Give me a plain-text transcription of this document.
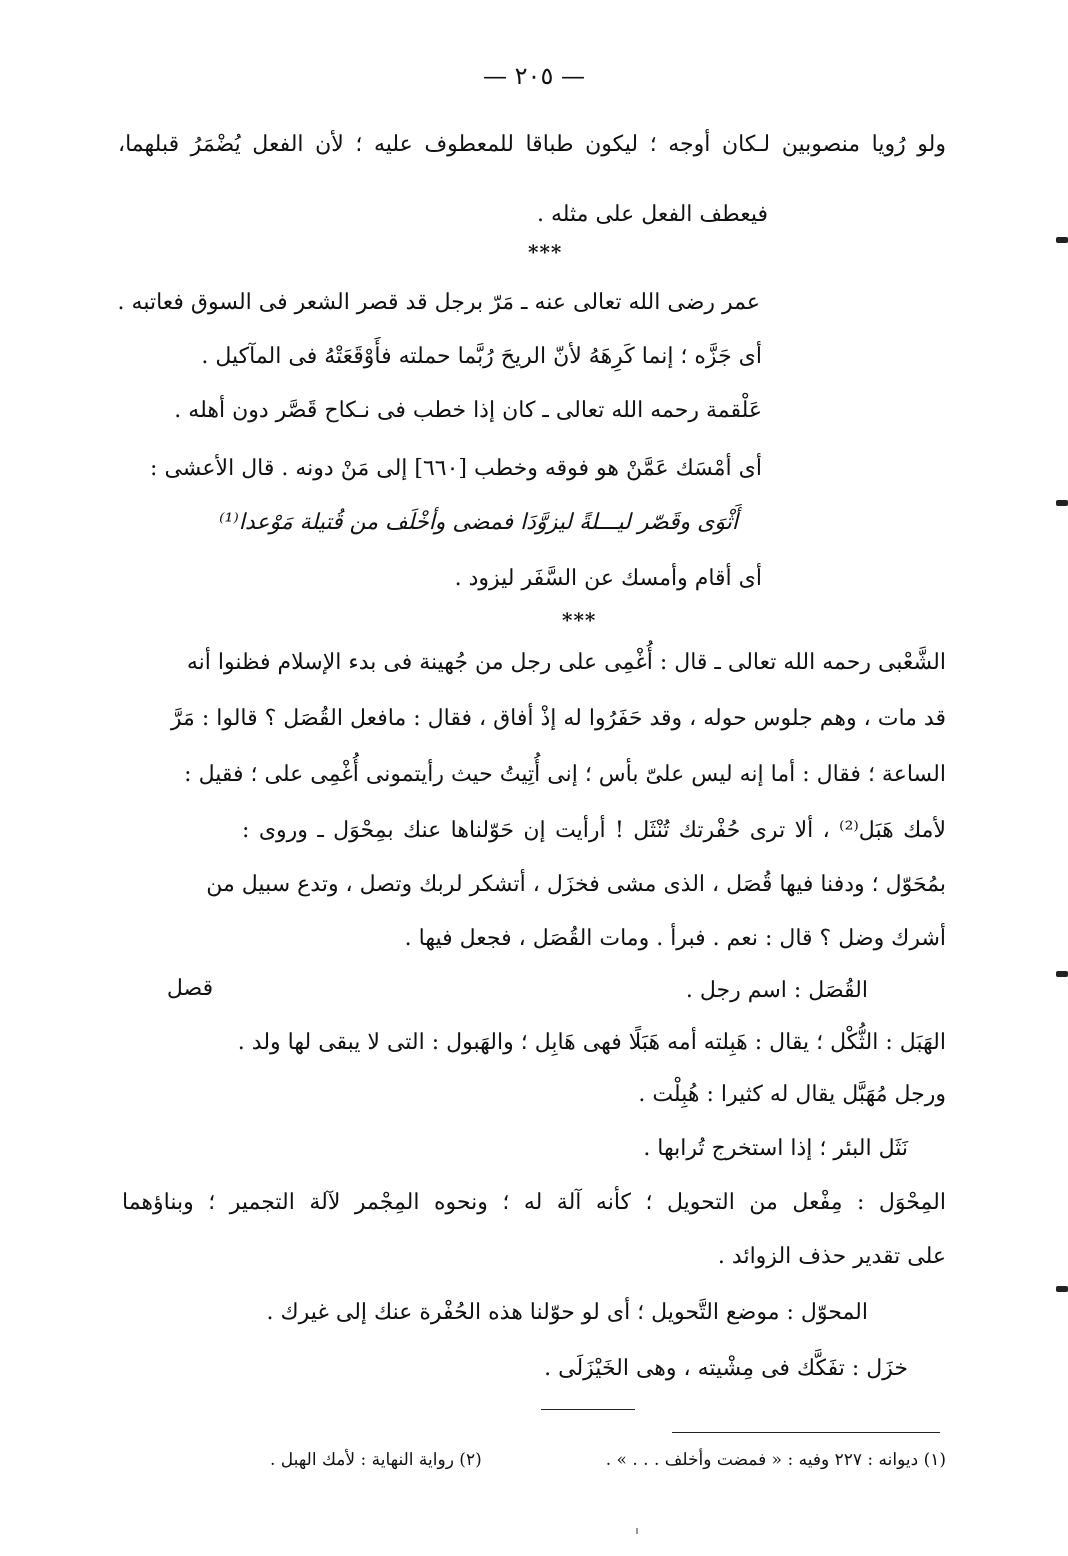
— ٢٠٥ —
ولو رُويا منصوبين لـكان أوجه ؛ ليكون طباقا للمعطوف عليه ؛ لأن الفعل يُضْمَرُ قبلهما،
فيعطف الفعل على مثله .
***
عمر رضى الله تعالى عنه ـ مَرّ برجل قد قصر الشعر فى السوق فعاتبه .
أى جَزَّه ؛ إنما كَرِهَهُ لأنّ الريحَ رُبَّما حملته فأَوْقَعَتْهُ فى المآكيل .
عَلْقمة رحمه الله تعالى ـ كان إذا خطب فى نـكاح قَصَّر دون أهله .
أى أمْسَك عَمَّنْ هو فوقه وخطب [٦٦٠] إلى مَنْ دونه . قال الأعشى :
أَثْوَى وقَصّر ليـــلةً ليزوَّدَا فمضى وأخْلَف من قُتيلة مَوْعدا⁽¹⁾
أى أقام وأمسك عن السَّفَر ليزود .
***
الشَّعْبى رحمه الله تعالى ـ قال : أُغْمِى على رجل من جُهينة فى بدء الإسلام فظنوا أنه
قد مات ، وهم جلوس حوله ، وقد حَفَرُوا له إذْ أفاق ، فقال : مافعل القُصَل ؟ قالوا : مَرَّ
الساعة ؛ فقال : أما إنه ليس علىّ بأس ؛ إنى أُتِيتُ حيث رأيتمونى أُغْمِى على ؛ فقيل :
لأمك هَبَل⁽²⁾ ، ألا ترى حُفْرتك تُنْثَل ! أرأيت إن حَوّلناها عنك بمِحْوَل ـ وروى :
بمُحَوّل ؛ ودفنا فيها قُصَل ، الذى مشى فخزَل ، أتشكر لربك وتصل ، وتدع سبيل من
أشرك وضل ؟ قال : نعم . فبرأ . ومات القُصَل ، فجعل فيها .
قصل	القُصَل : اسم رجل .
الهَبَل : الثُّكْل ؛ يقال : هَبِلته أمه هَبَلًا فهى هَابِل ؛ والهَبول : التى لا يبقى لها ولد .
ورجل مُهَبَّل يقال له كثيرا : هُبِلْت .
نَثَل البئر ؛ إذا استخرج تُرابها .
المِحْوَل : مِفْعل من التحويل ؛ كأنه آلة له ؛ ونحوه المِجْمر لآلة التجمير ؛ وبناؤهما
على تقدير حذف الزوائد .
المحوّل : موضع التَّحويل ؛ أى لو حوّلنا هذه الحُفْرة عنك إلى غيرك .
خزَل : تفَكَّك فى مِشْيته ، وهى الخَيْزَلَى .
(١) ديوانه : ٢٢٧ وفيه : « فمضت وأخلف . . . » .
(٢) رواية النهاية : لأمك الهبل .
